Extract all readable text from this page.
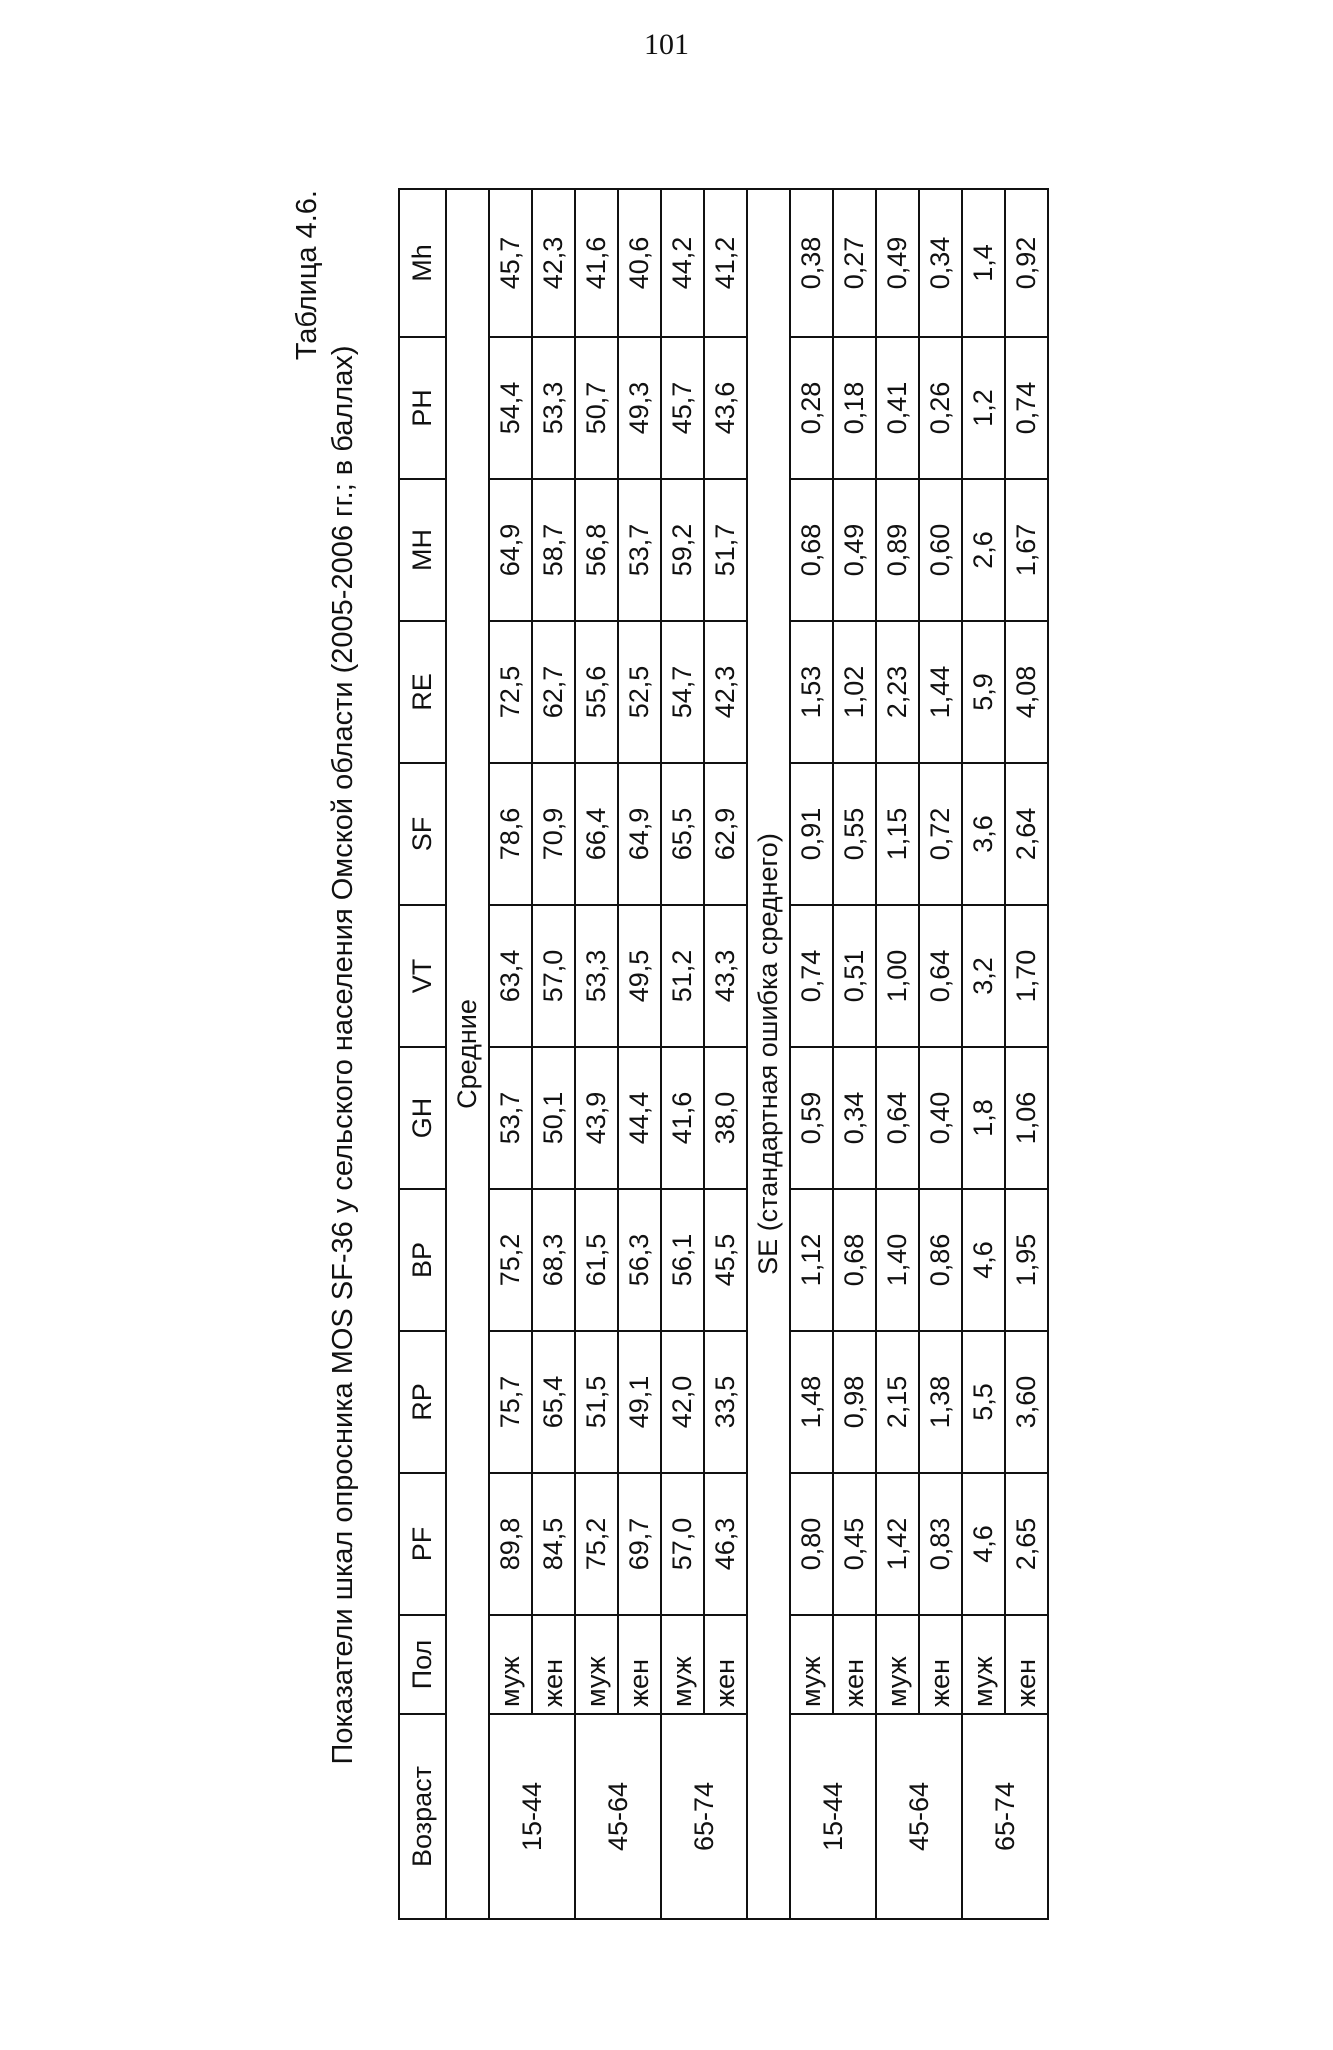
101
Таблица 4.6.
Показатели шкал опросника MOS SF-36 у сельского населения Омской области (2005-2006 гг.; в баллах)
Возраст	Пол	PF	RP	BP	GH	VT	SF	RE	MH	PH	Mh
Средние											
15-44	муж	89,8	75,7	75,2	53,7	63,4	78,6	72,5	64,9	54,4	45,7
	жен	84,5	65,4	68,3	50,1	57,0	70,9	62,7	58,7	53,3	42,3
45-64	муж	75,2	51,5	61,5	43,9	53,3	66,4	55,6	56,8	50,7	41,6
	жен	69,7	49,1	56,3	44,4	49,5	64,9	52,5	53,7	49,3	40,6
65-74	муж	57,0	42,0	56,1	41,6	51,2	65,5	54,7	59,2	45,7	44,2
	жен	46,3	33,5	45,5	38,0	43,3	62,9	42,3	51,7	43,6	41,2
SE (стандартная ошибка среднего)											
15-44	муж	0,80	1,48	1,12	0,59	0,74	0,91	1,53	0,68	0,28	0,38
	жен	0,45	0,98	0,68	0,34	0,51	0,55	1,02	0,49	0,18	0,27
45-64	муж	1,42	2,15	1,40	0,64	1,00	1,15	2,23	0,89	0,41	0,49
	жен	0,83	1,38	0,86	0,40	0,64	0,72	1,44	0,60	0,26	0,34
65-74	муж	4,6	5,5	4,6	1,8	3,2	3,6	5,9	2,6	1,2	1,4
	жен	2,65	3,60	1,95	1,06	1,70	2,64	4,08	1,67	0,74	0,92
